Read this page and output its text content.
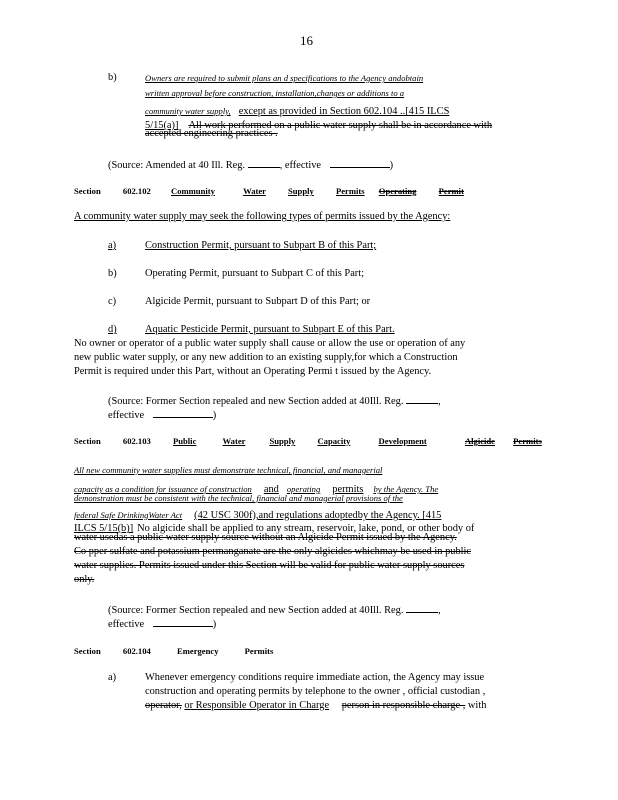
16
b)	Owners are required to submit plans an d specifications to the Agency andobtain
written approval before construction, installation,changes or additions to a
community water supply, except as provided in Section 602.104 ..[415 ILCS
5/15(a)] All work performed on a public water supply shall be in accordance with
accepted engineering practices .
(Source: Amended at 40 Ill. Reg.	, effective	)
Section	602.102 Community	Water	Supply	Permits Operating	Permit
A community water supply may seek the following types of permits issued by the Agency:
a)	Construction Permit, pursuant to Subpart B of this Part;
b)	Operating Permit, pursuant to Subpart C of this Part;
c)	Algicide Permit, pursuant to Subpart D of this Part; or
d)	Aquatic Pesticide Permit, pursuant to Subpart E of this Part.
No owner or operator of a public water supply shall cause or allow the use or operation of any
new public water supply, or any new addition to an existing supply,for which a Construction
Permit is required under this Part, without an Operating Permi t issued by the Agency.
(Source: Former Section repealed and new Section added at 40Ill. Reg.	,
effective	)
Section	602.103	Public	Water	Supply	Capacity	Development	Algicide Permits
All new community water supplies must demonstrate technical, financial, and managerial
capacity as a condition for issuance of construction and operating permits by the Agency. The
demonstration must be consistent with the technical, financial and managerial provisions of the
federal Safe DrinkingWater Act (42 USC 300f),and regulations adoptedby the Agency. [415
ILCS 5/15(b)] No algicide shall be applied to any stream, reservoir, lake, pond, or other body of
water usedas a public water supply source without an Algicide Permit issued by the Agency.
Co pper sulfate and potassium permanganate are the only algicides whichmay be used in public
water supplies. Permits issued under this Section will be valid for public water supply sources
only.
(Source: Former Section repealed and new Section added at 40Ill. Reg.	,
effective	)
Section	602.104	Emergency	Permits
a)	Whenever emergency conditions require immediate action, the Agency may issue
construction and operating permits by telephone to the owner , official custodian ,
operator, or Responsible Operator in Charge person in responsible charge , with
